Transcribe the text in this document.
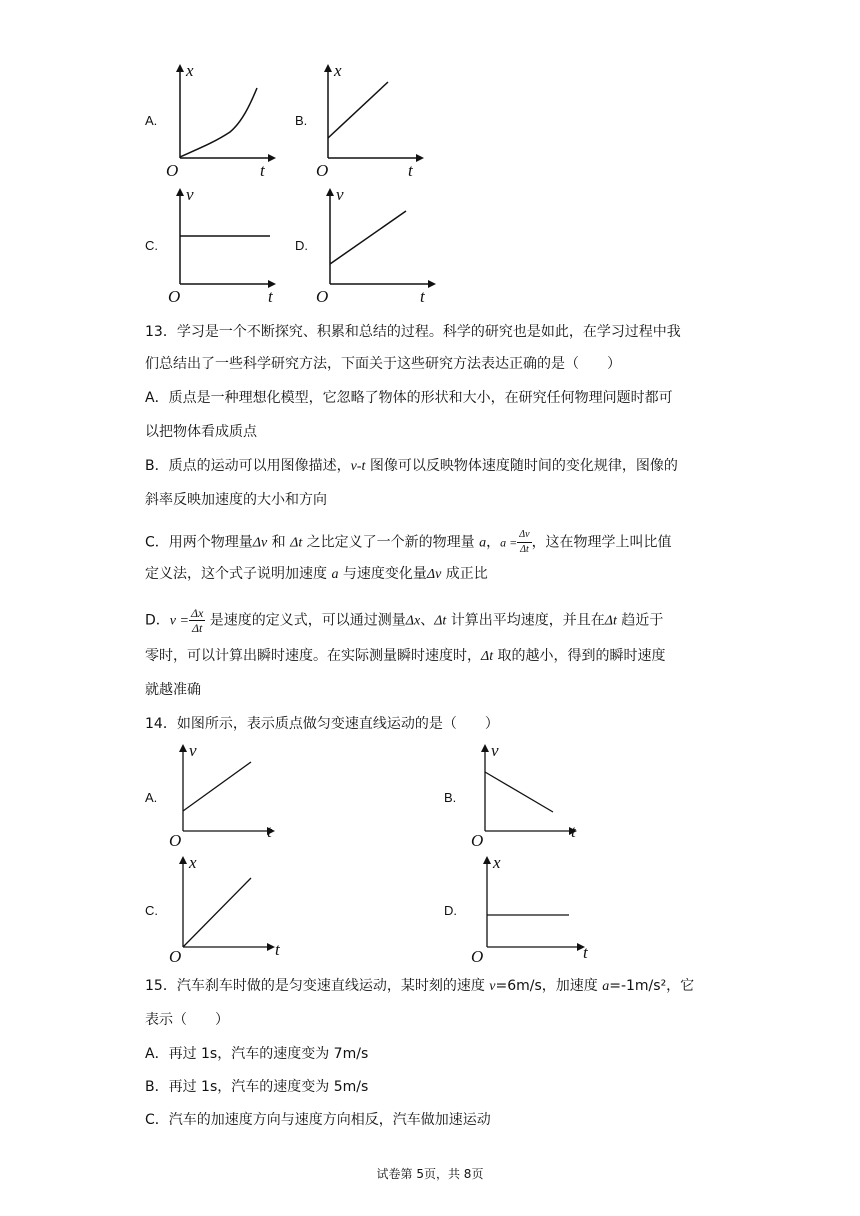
A.
x
t
O
B.
x
t
O
C.
v
t
O
D.
v
t
O
13．学习是一个不断探究、积累和总结的过程。科学的研究也是如此，在学习过程中我
们总结出了一些科学研究方法，下面关于这些研究方法表达正确的是（　　）
A．质点是一种理想化模型，它忽略了物体的形状和大小，在研究任何物理问题时都可
以把物体看成质点
B．质点的运动可以用图像描述，v-t 图像可以反映物体速度随时间的变化规律，图像的
斜率反映加速度的大小和方向
C．用两个物理量Δv 和 Δt 之比定义了一个新的物理量 a，$a = \frac{\Delta v}{\Delta t}$ ，这在物理学上叫比值
定义法，这个式子说明加速度 a 与速度变化量Δv 成正比
D．$v = \frac{\Delta x}{\Delta t}$ 是速度的定义式，可以通过测量Δx、Δt 计算出平均速度，并且在Δt 趋近于
零时，可以计算出瞬时速度。在实际测量瞬时速度时，Δt 取的越小，得到的瞬时速度
就越准确
14．如图所示，表示质点做匀变速直线运动的是（　　）
A.
v
t
O
B.
v
t
O
C.
x
t
O
D.
x
t
O
15．汽车刹车时做的是匀变速直线运动，某时刻的速度 v=6m/s，加速度 a=-1m/s²，它
表示（　　）
A．再过 1s，汽车的速度变为 7m/s
B．再过 1s，汽车的速度变为 5m/s
C．汽车的加速度方向与速度方向相反，汽车做加速运动
试卷第 5页，共 8页
